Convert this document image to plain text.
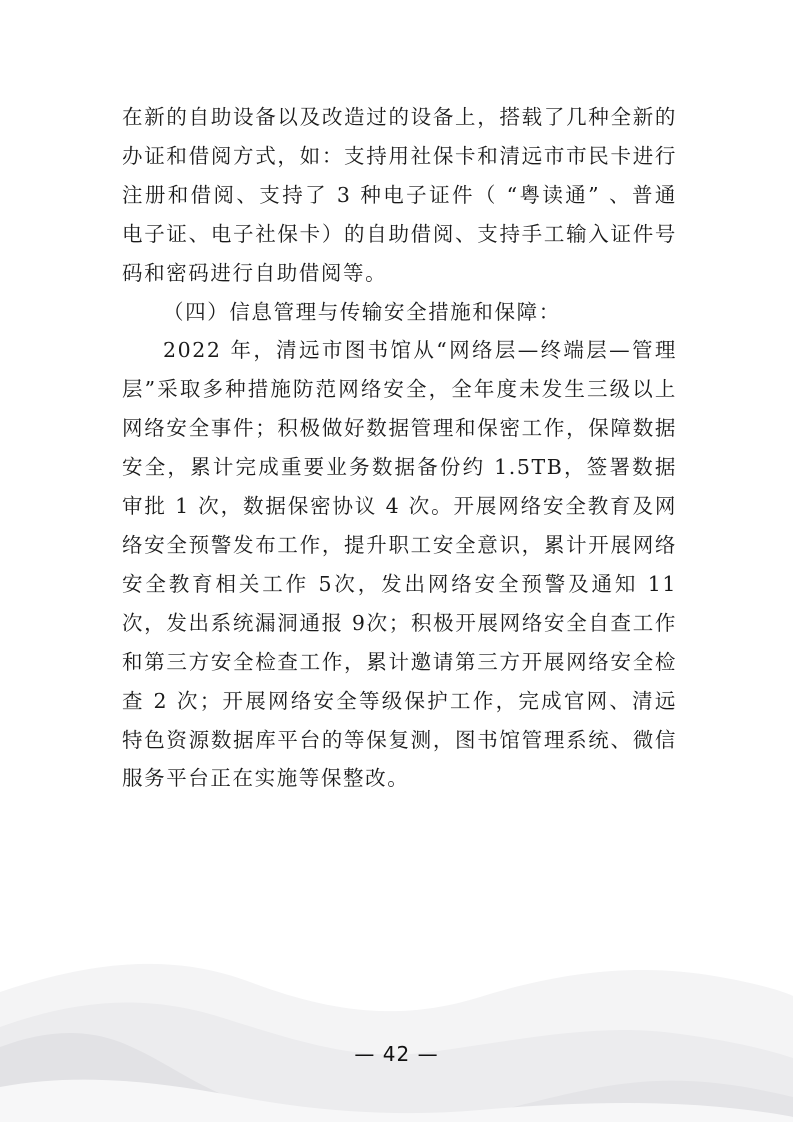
在新的自助设备以及改造过的设备上，搭载了几种全新的办证和借阅方式，如：支持用社保卡和清远市市民卡进行注册和借阅、支持了 3 种电子证件（ “粤读通” 、普通电子证、电子社保卡）的自助借阅、支持手工输入证件号码和密码进行自助借阅等。

（四）信息管理与传输安全措施和保障：

2022 年，清远市图书馆从“网络层—终端层—管理层”采取多种措施防范网络安全，全年度未发生三级以上网络安全事件；积极做好数据管理和保密工作，保障数据安全，累计完成重要业务数据备份约 1.5TB，签署数据审批 1 次，数据保密协议 4 次。开展网络安全教育及网络安全预警发布工作，提升职工安全意识，累计开展网络安全教育相关工作 5次，发出网络安全预警及通知 11 次，发出系统漏洞通报 9次；积极开展网络安全自查工作和第三方安全检查工作，累计邀请第三方开展网络安全检查 2 次；开展网络安全等级保护工作，完成官网、清远特色资源数据库平台的等保复测，图书馆管理系统、微信服务平台正在实施等保整改。

— 42 —
